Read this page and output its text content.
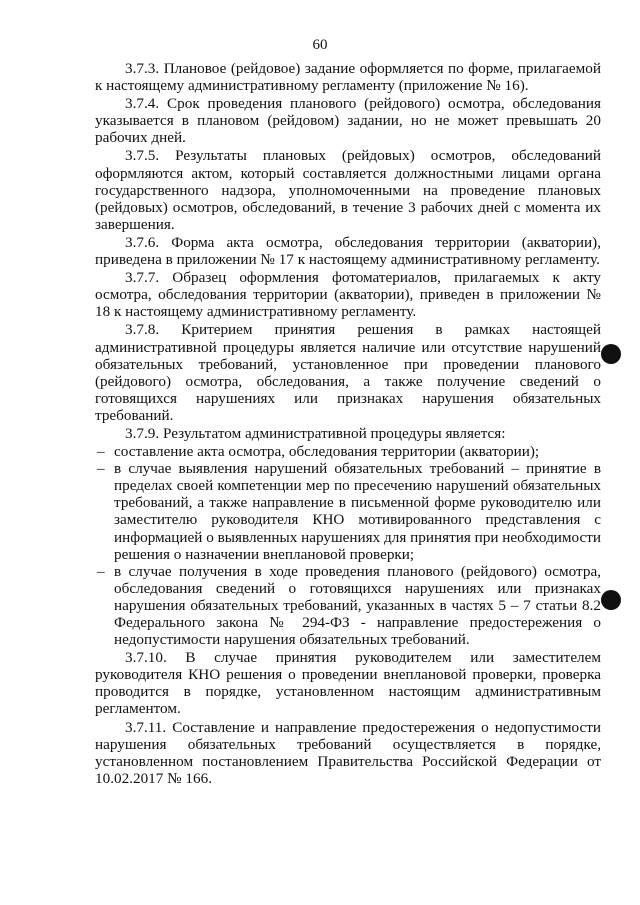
60

3.7.3. Плановое (рейдовое) задание оформляется по форме, прилагаемой к настоящему административному регламенту (приложение № 16).

3.7.4. Срок проведения планового (рейдового) осмотра, обследования указывается в плановом (рейдовом) задании, но не может превышать 20 рабочих дней.

3.7.5. Результаты плановых (рейдовых) осмотров, обследований оформляются актом, который составляется должностными лицами органа государственного надзора, уполномоченными на проведение плановых (рейдовых) осмотров, обследований, в течение 3 рабочих дней с момента их завершения.

3.7.6. Форма акта осмотра, обследования территории (акватории), приведена в приложении № 17 к настоящему административному регламенту.

3.7.7. Образец оформления фотоматериалов, прилагаемых к акту осмотра, обследования территории (акватории), приведен в приложении № 18 к настоящему административному регламенту.

3.7.8. Критерием принятия решения в рамках настоящей административной процедуры является наличие или отсутствие нарушений обязательных требований, установленное при проведении планового (рейдового) осмотра, обследования, а также получение сведений о готовящихся нарушениях или признаках нарушения обязательных требований.

3.7.9. Результатом административной процедуры является:

– составление акта осмотра, обследования территории (акватории);
– в случае выявления нарушений обязательных требований – принятие в пределах своей компетенции мер по пресечению нарушений обязательных требований, а также направление в письменной форме руководителю или заместителю руководителя КНО мотивированного представления с информацией о выявленных нарушениях для принятия при необходимости решения о назначении внеплановой проверки;
– в случае получения в ходе проведения планового (рейдового) осмотра, обследования сведений о готовящихся нарушениях или признаках нарушения обязательных требований, указанных в частях 5 – 7 статьи 8.2 Федерального закона № 294-ФЗ - направление предостережения о недопустимости нарушения обязательных требований.

3.7.10. В случае принятия руководителем или заместителем руководителя КНО решения о проведении внеплановой проверки, проверка проводится в порядке, установленном настоящим административным регламентом.

3.7.11. Составление и направление предостережения о недопустимости нарушения обязательных требований осуществляется в порядке, установленном постановлением Правительства Российской Федерации от 10.02.2017 № 166.
